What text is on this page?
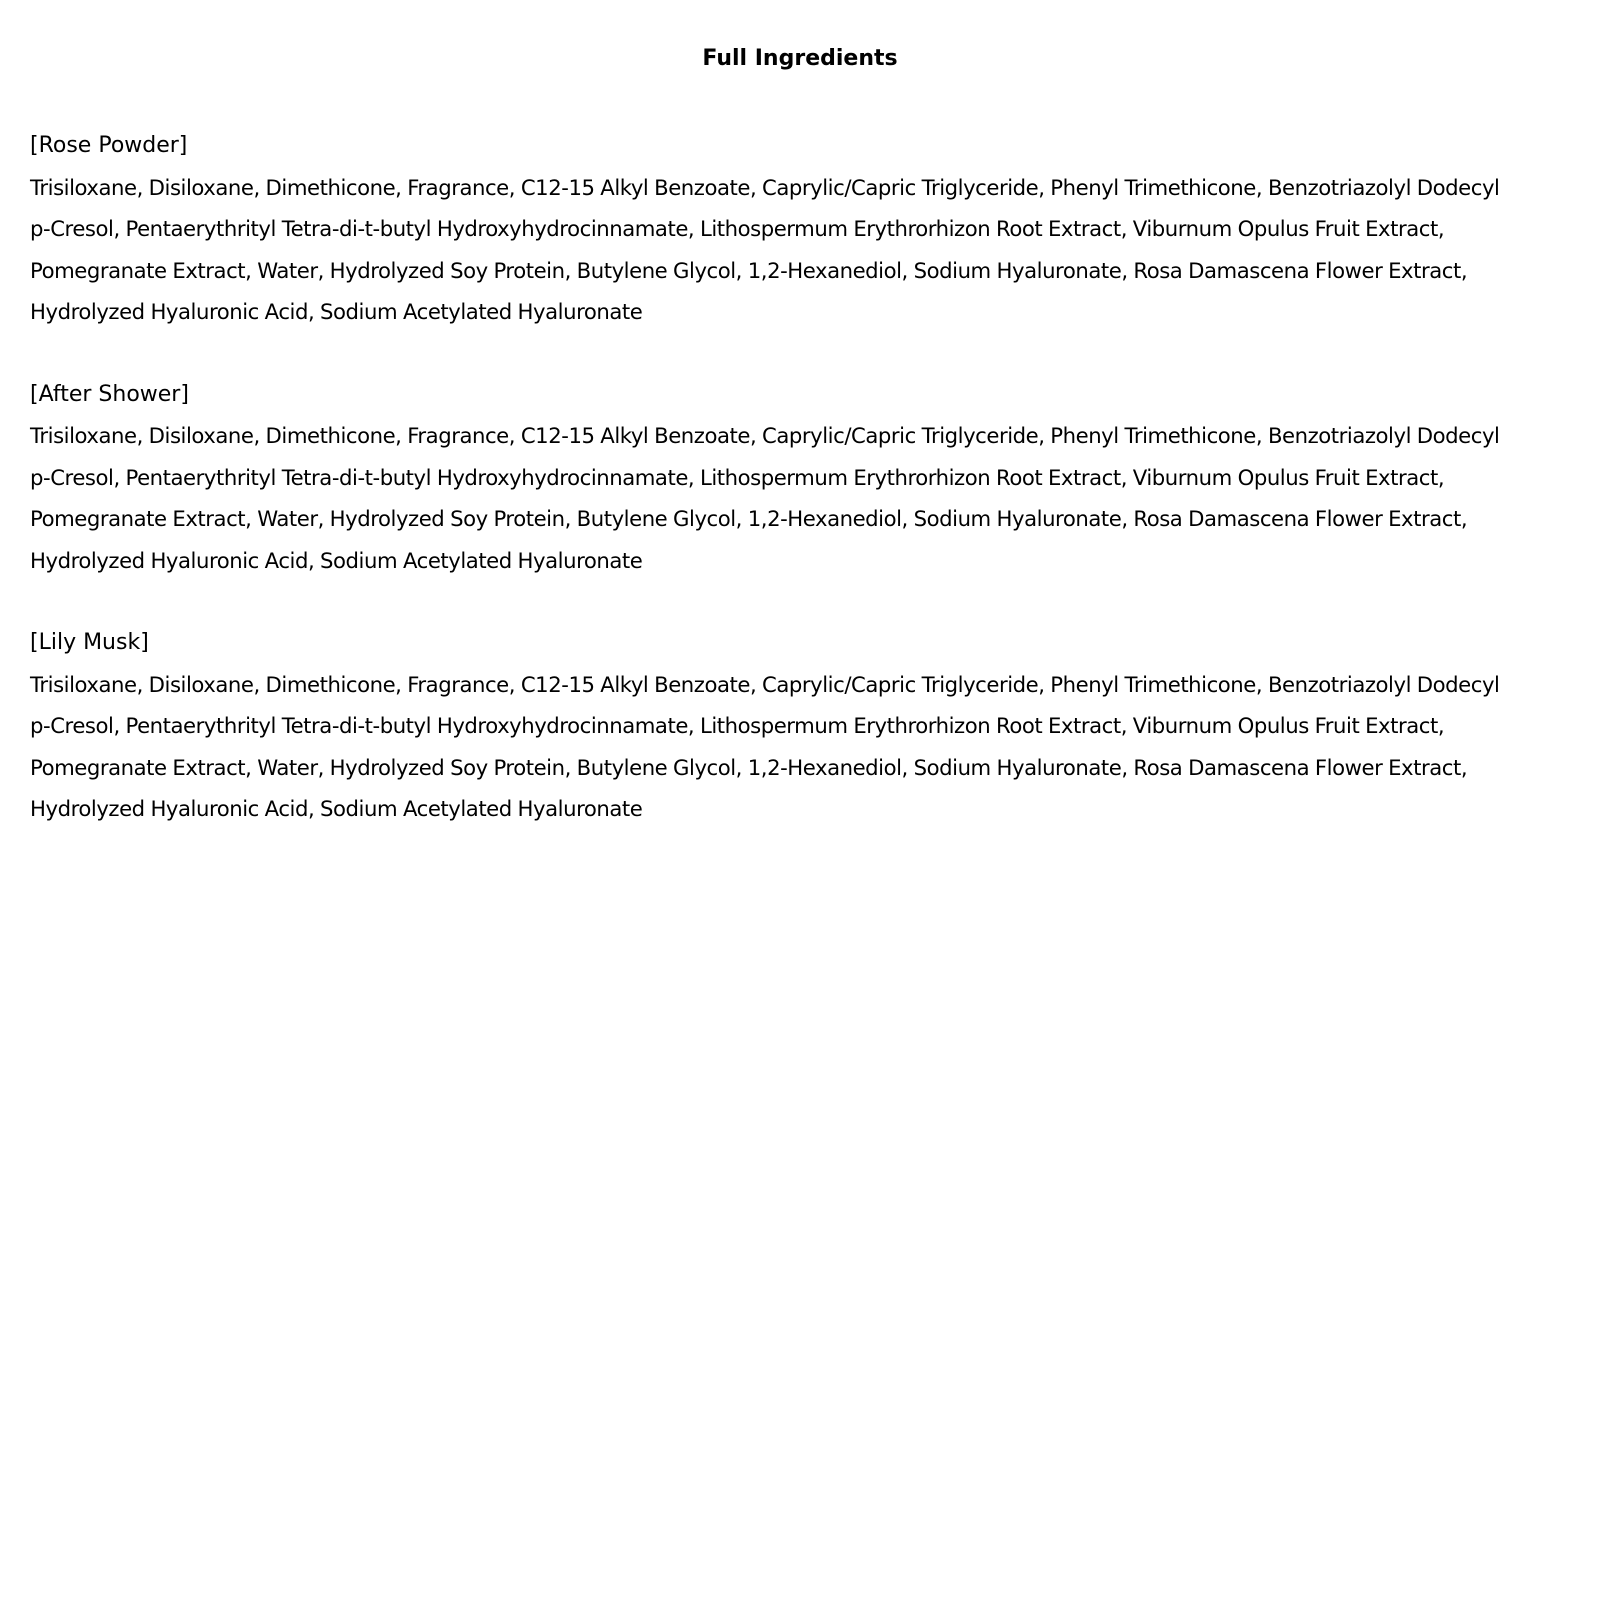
Full Ingredients

[Rose Powder]

Trisiloxane, Disiloxane, Dimethicone, Fragrance, C12-15 Alkyl Benzoate, Caprylic/Capric Triglyceride, Phenyl Trimethicone, Benzotriazolyl Dodecyl

p-Cresol, Pentaerythrityl Tetra-di-t-butyl Hydroxyhydrocinnamate, Lithospermum Erythrorhizon Root Extract, Viburnum Opulus Fruit Extract,

Pomegranate Extract, Water, Hydrolyzed Soy Protein, Butylene Glycol, 1,2-Hexanediol, Sodium Hyaluronate, Rosa Damascena Flower Extract,

Hydrolyzed Hyaluronic Acid, Sodium Acetylated Hyaluronate

[After Shower]

Trisiloxane, Disiloxane, Dimethicone, Fragrance, C12-15 Alkyl Benzoate, Caprylic/Capric Triglyceride, Phenyl Trimethicone, Benzotriazolyl Dodecyl

p-Cresol, Pentaerythrityl Tetra-di-t-butyl Hydroxyhydrocinnamate, Lithospermum Erythrorhizon Root Extract, Viburnum Opulus Fruit Extract,

Pomegranate Extract, Water, Hydrolyzed Soy Protein, Butylene Glycol, 1,2-Hexanediol, Sodium Hyaluronate, Rosa Damascena Flower Extract,

Hydrolyzed Hyaluronic Acid, Sodium Acetylated Hyaluronate

[Lily Musk]

Trisiloxane, Disiloxane, Dimethicone, Fragrance, C12-15 Alkyl Benzoate, Caprylic/Capric Triglyceride, Phenyl Trimethicone, Benzotriazolyl Dodecyl

p-Cresol, Pentaerythrityl Tetra-di-t-butyl Hydroxyhydrocinnamate, Lithospermum Erythrorhizon Root Extract, Viburnum Opulus Fruit Extract,

Pomegranate Extract, Water, Hydrolyzed Soy Protein, Butylene Glycol, 1,2-Hexanediol, Sodium Hyaluronate, Rosa Damascena Flower Extract,

Hydrolyzed Hyaluronic Acid, Sodium Acetylated Hyaluronate
